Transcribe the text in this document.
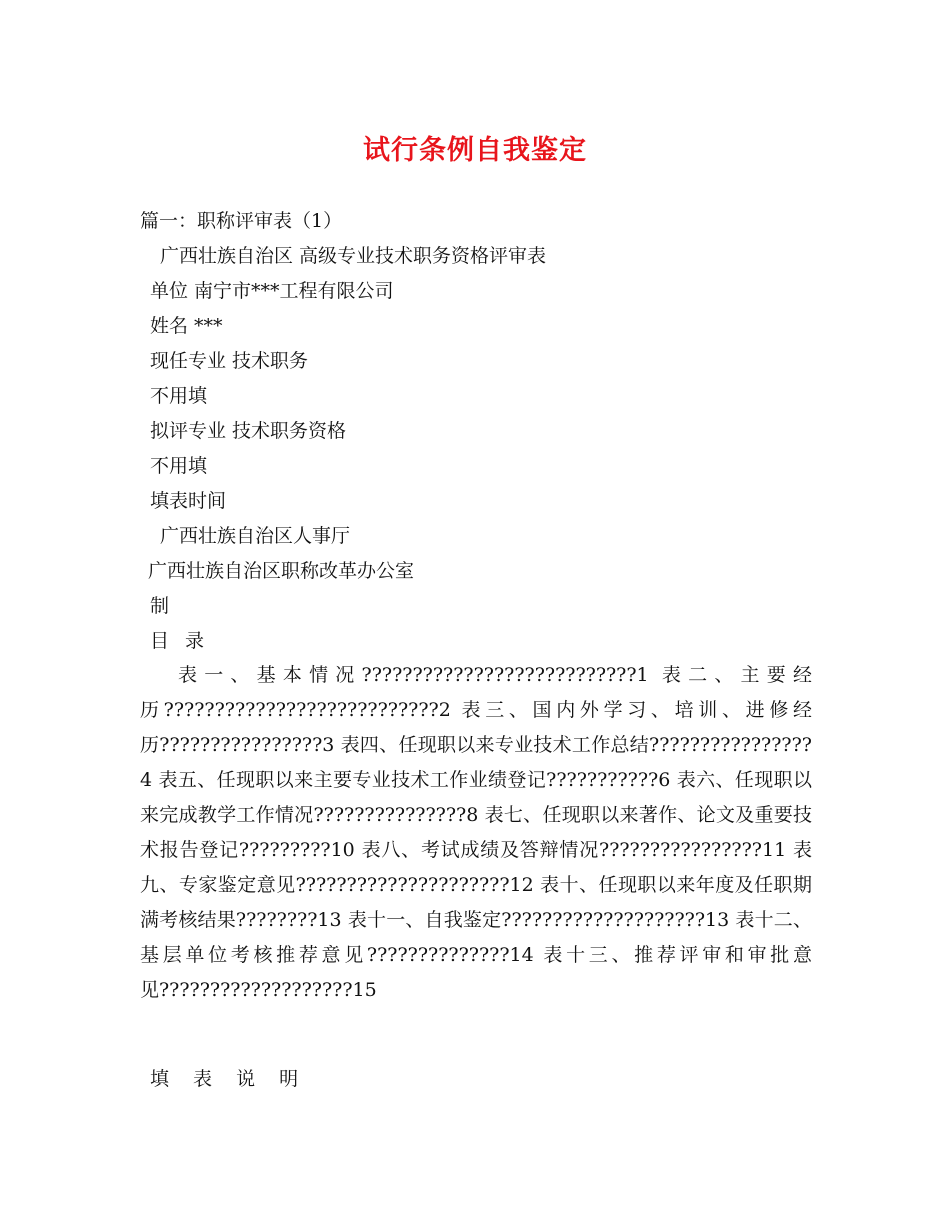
试行条例自我鉴定
篇一：职称评审表（1）
广西壮族自治区 高级专业技术职务资格评审表
单位 南宁市***工程有限公司
姓名 ***
现任专业 技术职务
不用填
拟评专业 技术职务资格
不用填
填表时间
广西壮族自治区人事厅
广西壮族自治区职称改革办公室
制
目 录
表一、基本情况???????????????????????????1 表二、主要经历???????????????????????????2 表三、国内外学习、培训、进修经历????????????????3 表四、任现职以来专业技术工作总结????????????????4 表五、任现职以来主要专业技术工作业绩登记???????????6 表六、任现职以来完成教学工作情况???????????????8 表七、任现职以来著作、论文及重要技术报告登记?????????10 表八、考试成绩及答辩情况????????????????11 表九、专家鉴定意见?????????????????????12 表十、任现职以来年度及任职期满考核结果????????13 表十一、自我鉴定????????????????????13 表十二、基层单位考核推荐意见??????????????14 表十三、推荐评审和审批意见???????????????????15
填 表 说 明
